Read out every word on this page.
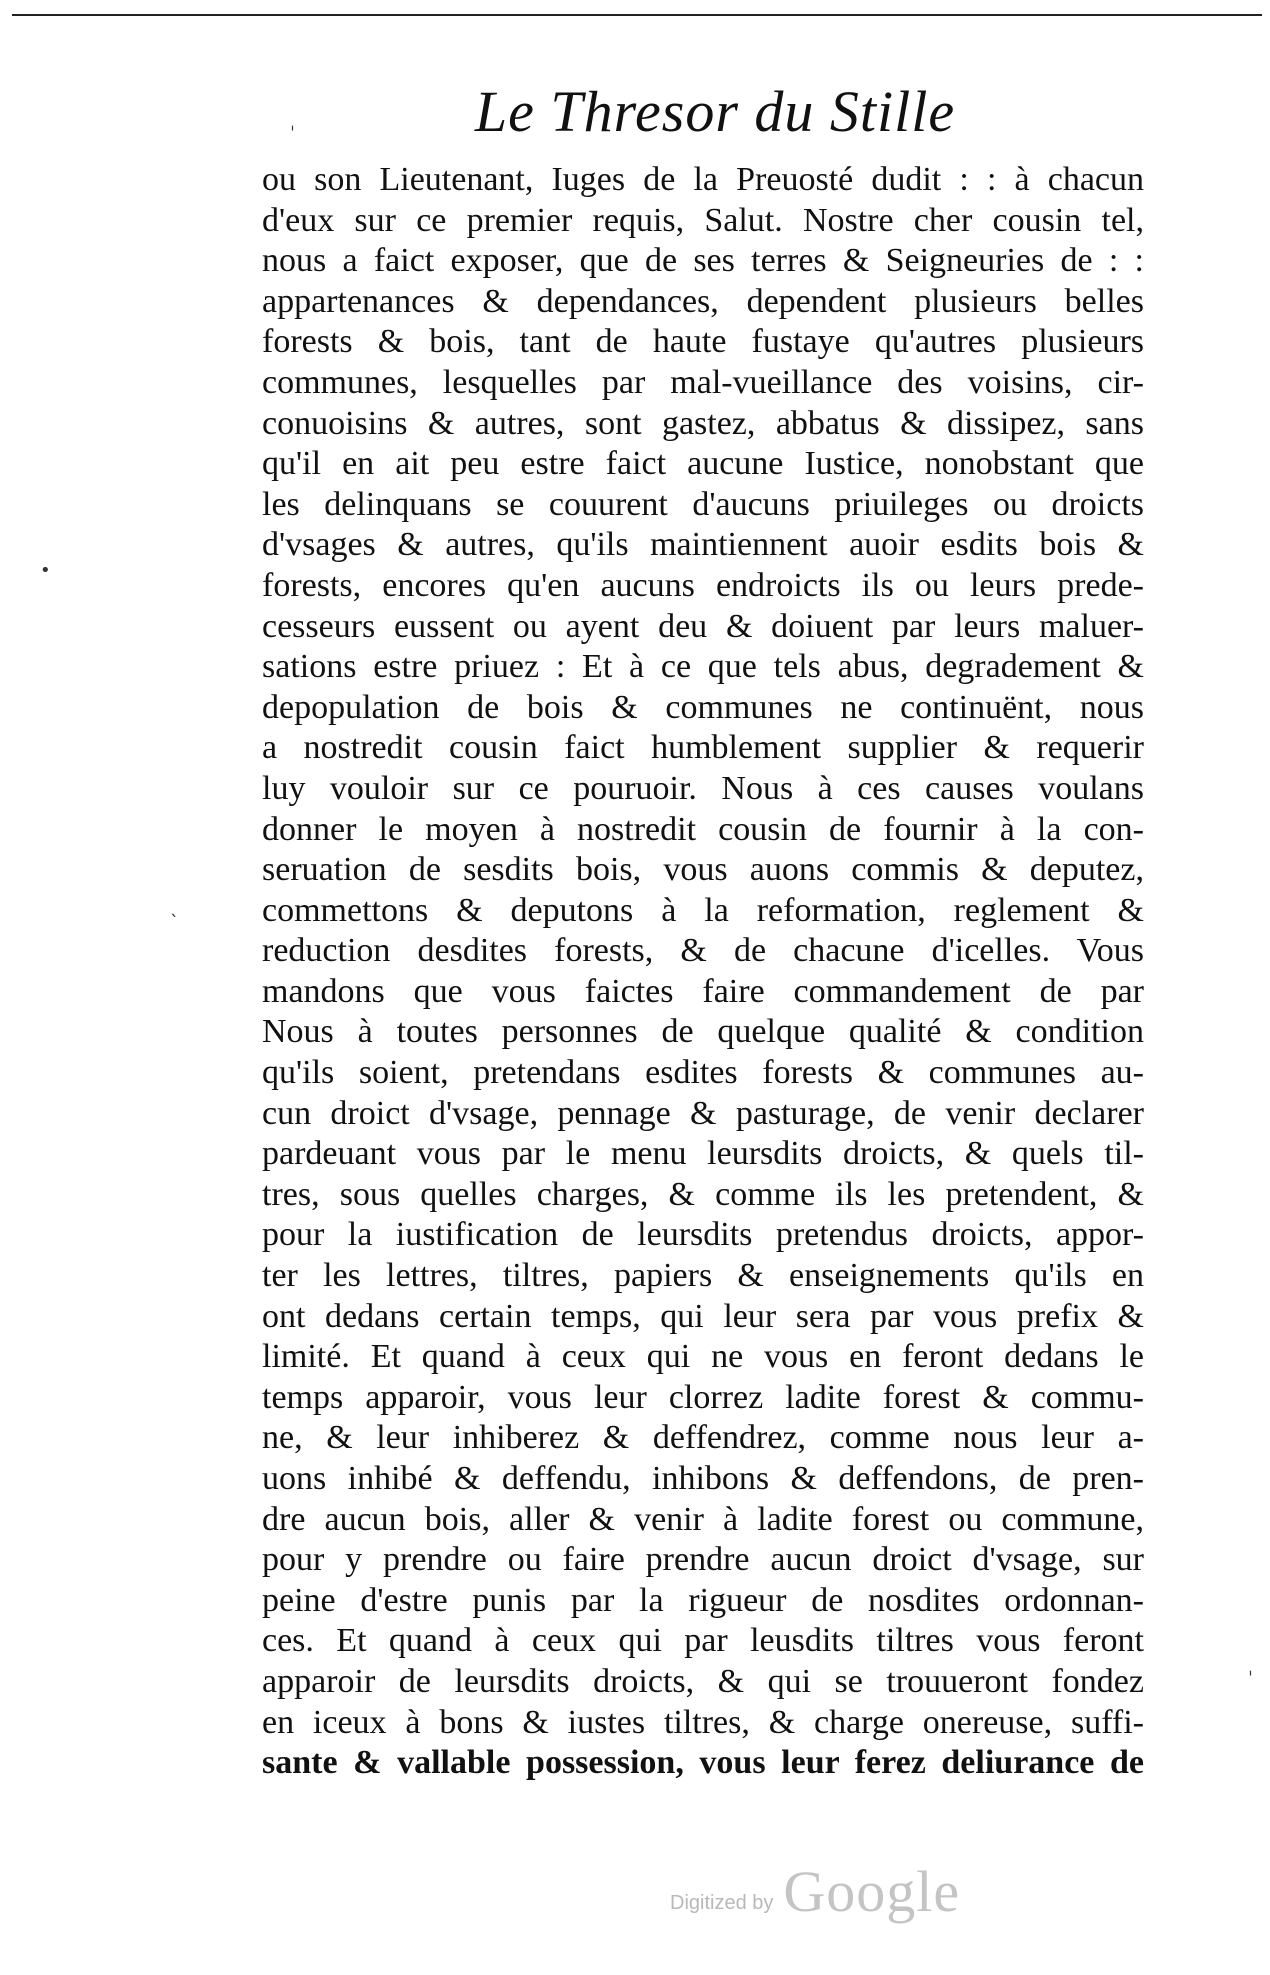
Le Thresor du Stille
ˌ
•
ˋ
ˈ
ou son Lieutenant, Iuges de la Preuosté dudit : : à chacun
d'eux sur ce premier requis, Salut. Nostre cher cousin tel,
nous a faict exposer, que de ses terres & Seigneuries de : :
appartenances & dependances, dependent plusieurs belles
forests & bois, tant de haute fustaye qu'autres plusieurs
communes, lesquelles par mal-vueillance des voisins, cir-
conuoisins & autres, sont gastez, abbatus & dissipez, sans
qu'il en ait peu estre faict aucune Iustice, nonobstant que
les delinquans se couurent d'aucuns priuileges ou droicts
d'vsages & autres, qu'ils maintiennent auoir esdits bois &
forests, encores qu'en aucuns endroicts ils ou leurs prede-
cesseurs eussent ou ayent deu & doiuent par leurs maluer-
sations estre priuez : Et à ce que tels abus, degradement &
depopulation de bois & communes ne continuënt, nous
a nostredit cousin faict humblement supplier & requerir
luy vouloir sur ce pouruoir. Nous à ces causes voulans
donner le moyen à nostredit cousin de fournir à la con-
seruation de sesdits bois, vous auons commis & deputez,
commettons & deputons à la reformation, reglement &
reduction desdites forests, & de chacune d'icelles. Vous
mandons que vous faictes faire commandement de par
Nous à toutes personnes de quelque qualité & condition
qu'ils soient, pretendans esdites forests & communes au-
cun droict d'vsage, pennage & pasturage, de venir declarer
pardeuant vous par le menu leursdits droicts, & quels til-
tres, sous quelles charges, & comme ils les pretendent, &
pour la iustification de leursdits pretendus droicts, appor-
ter les lettres, tiltres, papiers & enseignements qu'ils en
ont dedans certain temps, qui leur sera par vous prefix &
limité. Et quand à ceux qui ne vous en feront dedans le
temps apparoir, vous leur clorrez ladite forest & commu-
ne, & leur inhiberez & deffendrez, comme nous leur a-
uons inhibé & deffendu, inhibons & deffendons, de pren-
dre aucun bois, aller & venir à ladite forest ou commune,
pour y prendre ou faire prendre aucun droict d'vsage, sur
peine d'estre punis par la rigueur de nosdites ordonnan-
ces. Et quand à ceux qui par leusdits tiltres vous feront
apparoir de leursdits droicts, & qui se trouueront fondez
en iceux à bons & iustes tiltres, & charge onereuse, suffi-
sante & vallable possession, vous leur ferez deliurance de
Digitized by Google
